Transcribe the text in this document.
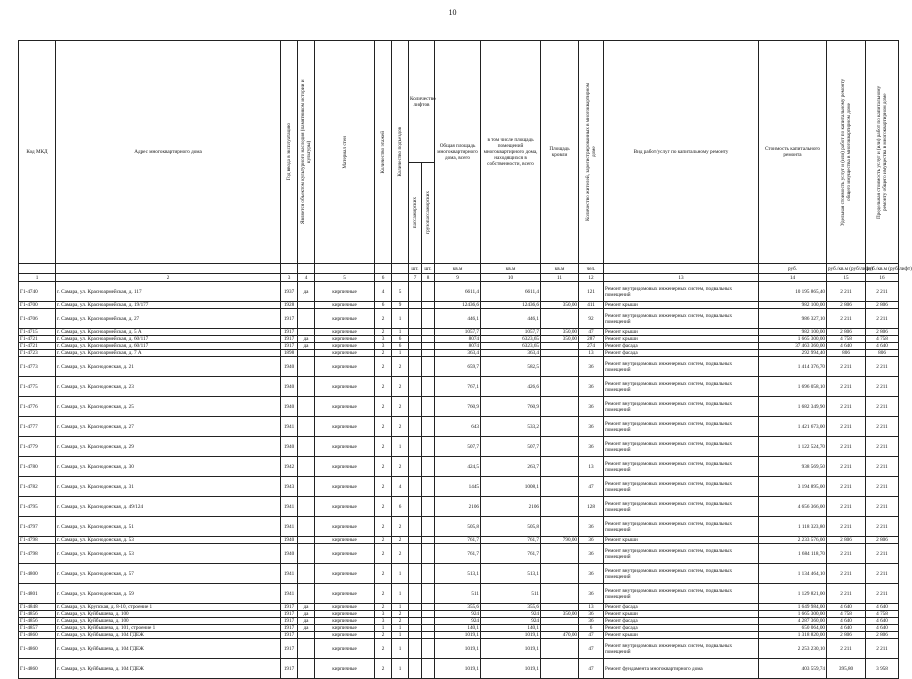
10
Код МКД	Адрес многоквартирного дома	Год ввода в эксплуатацию	Является объектом культурного наследия (памятником истории и культуры)	Материал стен	Количество этажей	Количество подъездов	Количество лифтов		Общая площадь многоквартирного дома, всего	в том числе площадь помещений многоквартирного дома, находящихся в собственности, всего	Площадь кровли	Количество жителей, зарегистрированных в многоквартирном доме	Вид работ/услуг по капитальному ремонту	Стоимость капитального ремонта	Удельная стоимость услуг и (или) работ по капитальному ремонту общего имущества в многоквартирном доме	Предельная стоимость услуг и (или) работ по капитальному ремонту общего имущества в многоквартирном доме

							пассажирских	грузопассажирских								

							шт.	шт.	кв.м	кв.м	кв.м	чел.		руб.	руб./кв.м (руб/лифт)	руб./кв.м (руб/лифт)
1	2	3	4	5	6		7	8	9	10	11	12	13	14	15	16
Г1-4740	г. Самара, ул. Красноармейская, д. 117	1937	да	кирпичные	4	5			6611,4	6611,4		121	Ремонт внутридомовых инженерных систем, подвальных помещений	10 195 865,40	2 211	2 211
Г1-4700	г. Самара, ул. Красноармейская, д. 19/177	1928		кирпичные	6	9			12436,6	12436,6	350,00	411	Ремонт крыши	982 100,00	2 806	2 806
Г1-4706	г. Самара, ул. Красноармейская, д. 27	1917		кирпичные	2	1			446,1	446,1		92	Ремонт внутридомовых инженерных систем, подвальных помещений	986 327,10	2 211	2 211
Г1-4715	г. Самара, ул. Красноармейская, д. 5 А	1917		кирпичные	2	1			1057,7	1057,7	350,00	47	Ремонт крыши	982 100,00	2 806	2 806
Г1-4721	г. Самара, ул. Красноармейская, д. 60/117	1917	да	кирпичные	3	6			8074	6323,65	350,00	287	Ремонт крыши	1 665 300,00	4 758	4 758
Г1-4721	г. Самара, ул. Красноармейская, д. 60/117	1917	да	кирпичные	3	6			8074	6323,65		274	Ремонт фасада	37 463 360,00	4 640	4 640
Г1-4723	г. Самара, ул. Красноармейская, д. 7 А	1898		кирпичные	2	1			363,4	363,4		13	Ремонт фасада	292 994,40	806	806
Г1-4773	г. Самара, ул. Краснодонская, д. 21	1940		кирпичные	2	2			659,7	582,5		36	Ремонт внутридомовых инженерных систем, подвальных помещений	1 414 376,70	2 211	2 211
Г1-4775	г. Самара, ул. Краснодонская, д. 23	1940		кирпичные	2	2			767,1	426,6		36	Ремонт внутридомовых инженерных систем, подвальных помещений	1 696 058,10	2 211	2 211
Г1-4776	г. Самара, ул. Краснодонская, д. 25	1940		кирпичные	2	2			760,9	760,9		36	Ремонт внутридомовых инженерных систем, подвальных помещений	1 682 349,90	2 211	2 211
Г1-4777	г. Самара, ул. Краснодонская, д. 27	1941		кирпичные	2	2			643	533,2		36	Ремонт внутридомовых инженерных систем, подвальных помещений	1 421 673,00	2 211	2 211
Г1-4779	г. Самара, ул. Краснодонская, д. 29	1940		кирпичные	2	1			507,7	507,7		36	Ремонт внутридомовых инженерных систем, подвальных помещений	1 122 524,70	2 211	2 211
Г1-4780	г. Самара, ул. Краснодонская, д. 30	1942		кирпичные	2	2			424,5	263,7		13	Ремонт внутридомовых инженерных систем, подвальных помещений	938 569,50	2 211	2 211
Г1-4782	г. Самара, ул. Краснодонская, д. 31	1943		кирпичные	2	4			1445	1008,1		47	Ремонт внутридомовых инженерных систем, подвальных помещений	3 194 895,00	2 211	2 211
Г1-4795	г. Самара, ул. Краснодонская, д. 49/124	1941		кирпичные	2	6			2106	2106		128	Ремонт внутридомовых инженерных систем, подвальных помещений	4 656 366,00	2 211	2 211
Г1-4797	г. Самара, ул. Краснодонская, д. 51	1941		кирпичные	2	2			505,8	505,8		36	Ремонт внутридомовых инженерных систем, подвальных помещений	1 118 323,80	2 211	2 211
Г1-4798	г. Самара, ул. Краснодонская, д. 53	1940		кирпичные	2	2			761,7	761,7	790,00	36	Ремонт крыши	2 233 576,00	2 806	2 806
Г1-4798	г. Самара, ул. Краснодонская, д. 53	1940		кирпичные	2	2			761,7	761,7		36	Ремонт внутридомовых инженерных систем, подвальных помещений	1 684 118,70	2 211	2 211
Г1-4800	г. Самара, ул. Краснодонская, д. 57	1941		кирпичные	2	1			513,1	513,1		36	Ремонт внутридомовых инженерных систем, подвальных помещений	1 134 464,10	2 211	2 211
Г1-4801	г. Самара, ул. Краснодонская, д. 59	1941		кирпичные	2	1			511	511		36	Ремонт внутридомовых инженерных систем, подвальных помещений	1 129 821,00	2 211	2 211
Г1-4848	г. Самара, ул. Крупская, д. 8-10, строение 1	1917	да	кирпичные	2	1			355,6	355,6		13	Ремонт фасада	1 649 984,00	4 640	4 640
Г1-4856	г. Самара, ул. Куйбышева, д. 100	1917	да	кирпичные	3	2			924	924	350,00	36	Ремонт крыши	1 665 300,00	4 758	4 758
Г1-4856	г. Самара, ул. Куйбышева, д. 100	1917	да	кирпичные	3	2			924	924		36	Ремонт фасада	4 287 360,00	4 640	4 640
Г1-4857	г. Самара, ул. Куйбышева, д. 101, строение 1	1917	да	кирпичные	1	1			140,1	140,1		6	Ремонт фасада	650 064,00	4 640	4 640
Г1-4860	г. Самара, ул. Куйбышева, д. 104 ГДЕЖ	1917		кирпичные	2	1			1019,1	1019,1	470,00	47	Ремонт крыши	1 318 820,00	2 806	2 806
Г1-4860	г. Самара, ул. Куйбышева, д. 104 ГДЕЖ	1917		кирпичные	2	1			1019,1	1019,1		47	Ремонт внутридомовых инженерных систем, подвальных помещений	2 253 230,10	2 211	2 211
Г1-4860	г. Самара, ул. Куйбышева, д. 104 ГДЕЖ	1917		кирпичные	2	1			1019,1	1019,1		47	Ремонт фундамента многоквартирного дома	403 559,74	395,80	3 958
